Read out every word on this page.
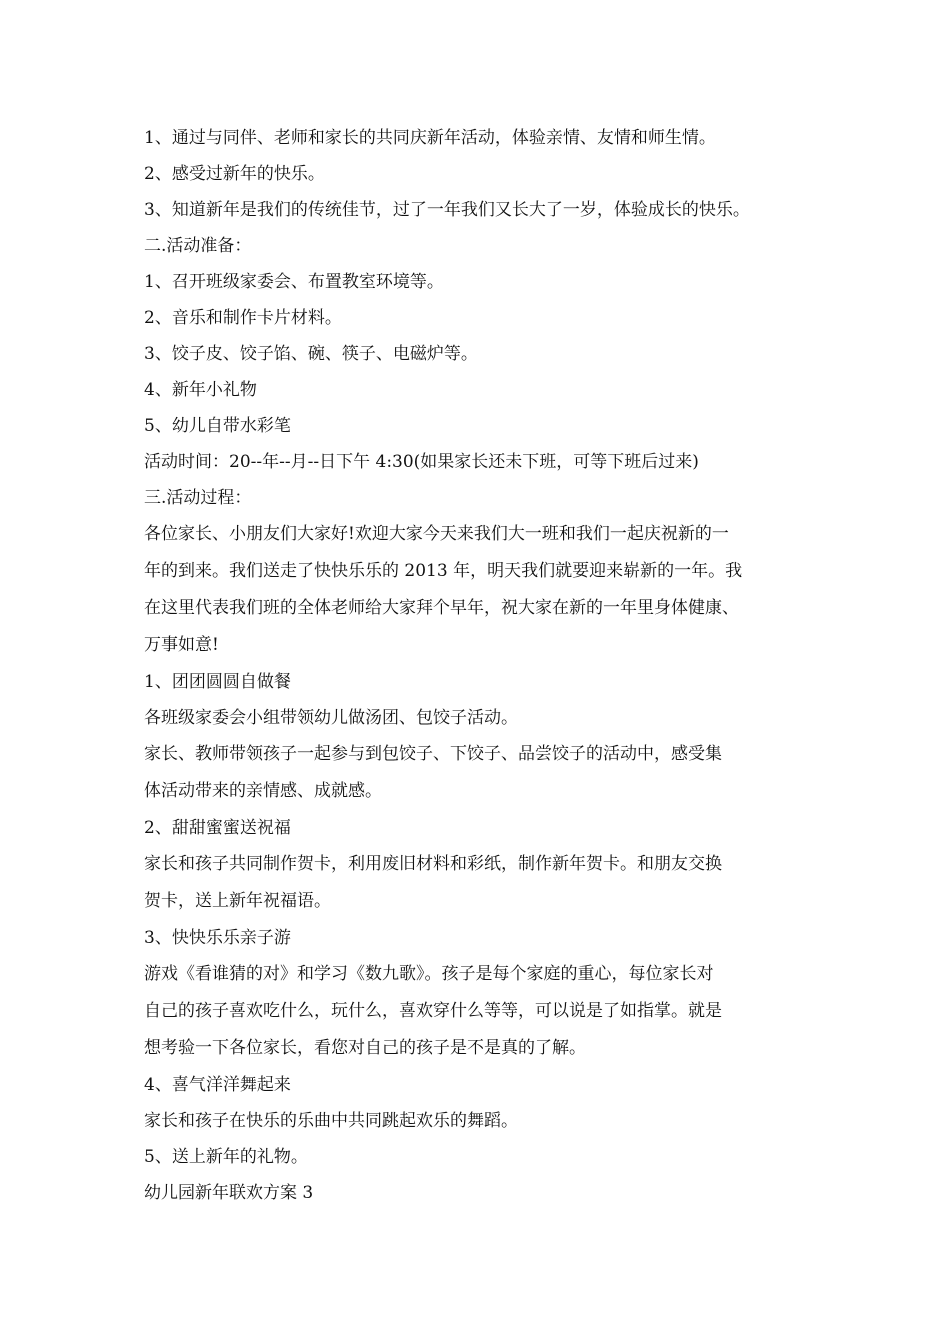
1、通过与同伴、老师和家长的共同庆新年活动，体验亲情、友情和师生情。
2、感受过新年的快乐。
3、知道新年是我们的传统佳节，过了一年我们又长大了一岁，体验成长的快乐。
二.活动准备：
1、召开班级家委会、布置教室环境等。
2、音乐和制作卡片材料。
3、饺子皮、饺子馅、碗、筷子、电磁炉等。
4、新年小礼物
5、幼儿自带水彩笔
活动时间：20--年--月--日下午 4:30(如果家长还未下班，可等下班后过来)
三.活动过程：
各位家长、小朋友们大家好!欢迎大家今天来我们大一班和我们一起庆祝新的一
年的到来。我们送走了快快乐乐的 2013 年，明天我们就要迎来崭新的一年。我
在这里代表我们班的全体老师给大家拜个早年，祝大家在新的一年里身体健康、
万事如意!
1、团团圆圆自做餐
各班级家委会小组带领幼儿做汤团、包饺子活动。
家长、教师带领孩子一起参与到包饺子、下饺子、品尝饺子的活动中，感受集
体活动带来的亲情感、成就感。
2、甜甜蜜蜜送祝福
家长和孩子共同制作贺卡，利用废旧材料和彩纸，制作新年贺卡。和朋友交换
贺卡，送上新年祝福语。
3、快快乐乐亲子游
游戏《看谁猜的对》和学习《数九歌》。孩子是每个家庭的重心，每位家长对
自己的孩子喜欢吃什么，玩什么，喜欢穿什么等等，可以说是了如指掌。就是
想考验一下各位家长，看您对自己的孩子是不是真的了解。
4、喜气洋洋舞起来
家长和孩子在快乐的乐曲中共同跳起欢乐的舞蹈。
5、送上新年的礼物。
幼儿园新年联欢方案 3
